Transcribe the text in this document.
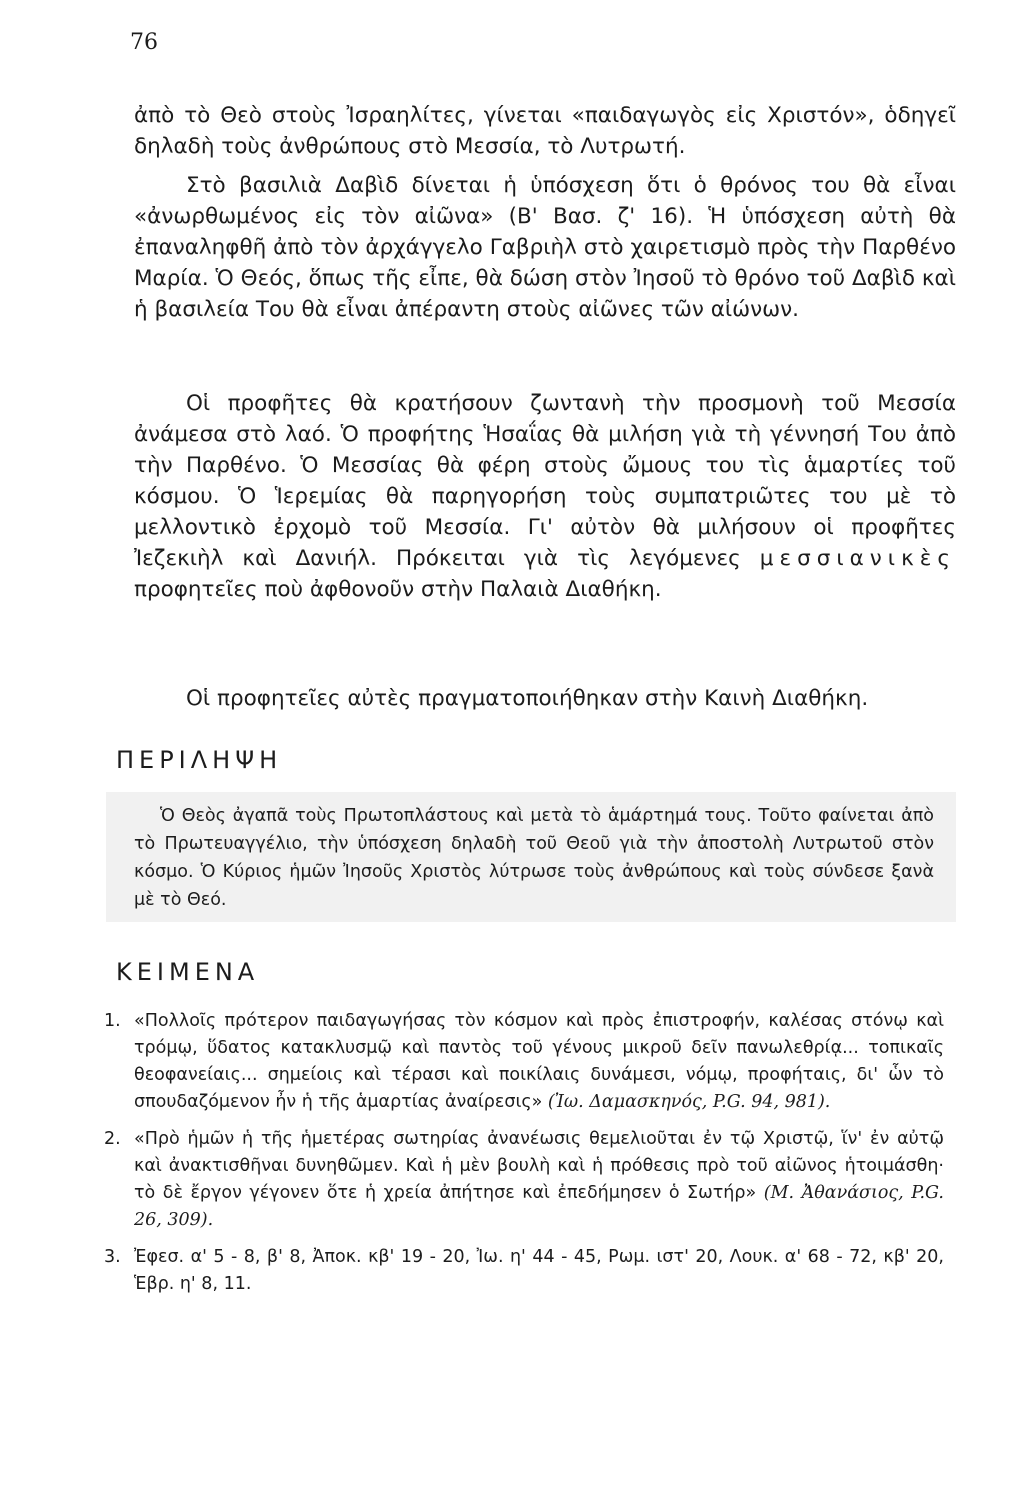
76

ἀπὸ τὸ Θεὸ στοὺς Ἰσραηλίτες, γίνεται «παιδαγωγὸς εἰς Χριστόν», ὁδηγεῖ δηλαδὴ τοὺς ἀνθρώπους στὸ Μεσσία, τὸ Λυτρωτή.

Στὸ βασιλιὰ Δαβὶδ δίνεται ἡ ὑπόσχεση ὅτι ὁ θρόνος του θὰ εἶναι «ἀνωρθωμένος εἰς τὸν αἰῶνα» (Β' Βασ. ζ' 16). Ἡ ὑπόσχεση αὐτὴ θὰ ἐπαναληφθῆ ἀπὸ τὸν ἀρχάγγελο Γαβριὴλ στὸ χαιρετισμὸ πρὸς τὴν Παρθένο Μαρία. Ὁ Θεός, ὅπως τῆς εἶπε, θὰ δώση στὸν Ἰησοῦ τὸ θρόνο τοῦ Δαβὶδ καὶ ἡ βασιλεία Του θὰ εἶναι ἀπέραντη στοὺς αἰῶνες τῶν αἰώνων.

Οἱ προφῆτες θὰ κρατήσουν ζωντανὴ τὴν προσμονὴ τοῦ Μεσσία ἀνάμεσα στὸ λαό. Ὁ προφήτης Ἡσαΐας θὰ μιλήση γιὰ τὴ γέννησή Του ἀπὸ τὴν Παρθένο. Ὁ Μεσσίας θὰ φέρη στοὺς ὤμους του τὶς ἁμαρτίες τοῦ κόσμου. Ὁ Ἱερεμίας θὰ παρηγορήση τοὺς συμπατριῶτες του μὲ τὸ μελλοντικὸ ἐρχομὸ τοῦ Μεσσία. Γι' αὐτὸν θὰ μιλήσουν οἱ προφῆτες Ἰεζεκιὴλ καὶ Δανιήλ. Πρόκειται γιὰ τὶς λεγόμενες μεσσιανικὲς προφητεῖες ποὺ ἀφθονοῦν στὴν Παλαιὰ Διαθήκη.

Οἱ προφητεῖες αὐτὲς πραγματοποιήθηκαν στὴν Καινὴ Διαθήκη.

ΠΕΡΙΛΗΨΗ

Ὁ Θεὸς ἀγαπᾶ τοὺς Πρωτοπλάστους καὶ μετὰ τὸ ἁμάρτημά τους. Τοῦτο φαίνεται ἀπὸ τὸ Πρωτευαγγέλιο, τὴν ὑπόσχεση δηλαδὴ τοῦ Θεοῦ γιὰ τὴν ἀποστολὴ Λυτρωτοῦ στὸν κόσμο. Ὁ Κύριος ἡμῶν Ἰησοῦς Χριστὸς λύτρωσε τοὺς ἀνθρώπους καὶ τοὺς σύνδεσε ξανὰ μὲ τὸ Θεό.

ΚΕΙΜΕΝΑ
1. «Πολλοῖς πρότερον παιδαγωγήσας τὸν κόσμον καὶ πρὸς ἐπιστροφήν, καλέσας στόνῳ καὶ τρόμῳ, ὕδατος κατακλυσμῷ καὶ παντὸς τοῦ γένους μικροῦ δεῖν πανωλεθρίᾳ... τοπικαῖς θεοφανείαις... σημείοις καὶ τέρασι καὶ ποικίλαις δυνάμεσι, νόμῳ, προφήταις, δι' ὧν τὸ σπουδαζόμενον ἦν ἡ τῆς ἁμαρτίας ἀναίρεσις» (Ἰω. Δαμασκηνός, P.G. 94, 981).
2. «Πρὸ ἡμῶν ἡ τῆς ἡμετέρας σωτηρίας ἀνανέωσις θεμελιοῦται ἐν τῷ Χριστῷ, ἵν' ἐν αὐτῷ καὶ ἀνακτισθῆναι δυνηθῶμεν. Καὶ ἡ μὲν βουλὴ καὶ ἡ πρόθεσις πρὸ τοῦ αἰῶνος ἡτοιμάσθη· τὸ δὲ ἔργον γέγονεν ὅτε ἡ χρεία ἀπήτησε καὶ ἐπεδήμησεν ὁ Σωτήρ» (Μ. Ἀθανάσιος, P.G. 26, 309).
3. Ἐφεσ. α' 5 - 8, β' 8, Ἀποκ. κβ' 19 - 20, Ἰω. η' 44 - 45, Ρωμ. ιστ' 20, Λουκ. α' 68 - 72, κβ' 20, Ἑβρ. η' 8, 11.
